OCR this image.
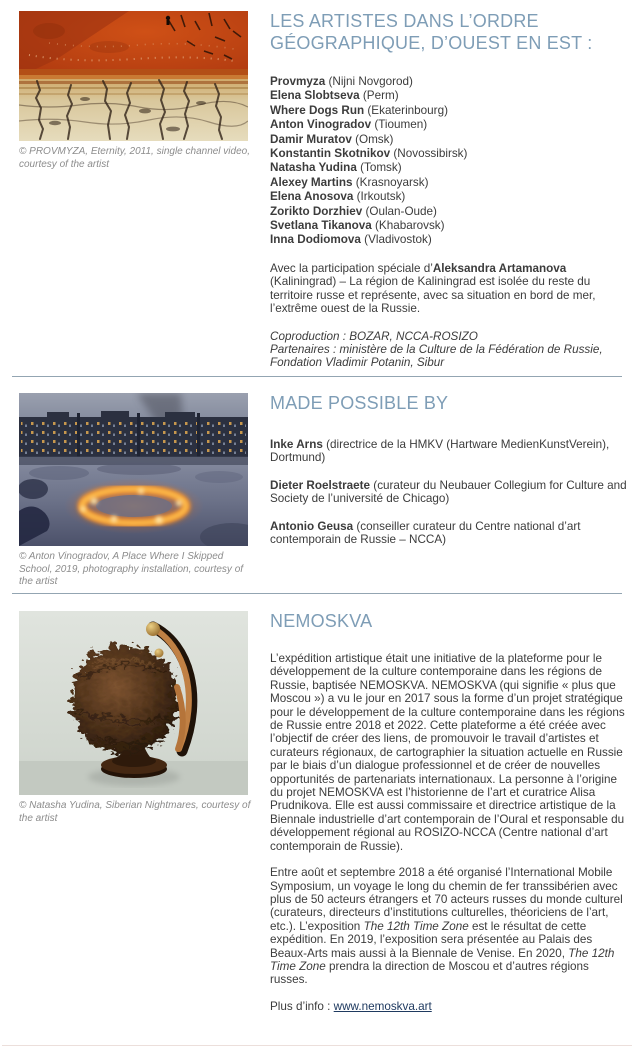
© PROVMYZA, Eternity, 2011, single channel video, courtesy of the artist
LES ARTISTES DANS L’ORDRE GÉOGRAPHIQUE, D’OUEST EN EST :
Provmyza (Nijni Novgorod)
Elena Slobtseva (Perm)
Where Dogs Run (Ekaterinbourg)
Anton Vinogradov (Tioumen)
Damir Muratov (Omsk)
Konstantin Skotnikov (Novossibirsk)
Natasha Yudina (Tomsk)
Alexey Martins (Krasnoyarsk)
Elena Anosova (Irkoutsk)
Zorikto Dorzhiev (Oulan-Oude)
Svetlana Tikanova (Khabarovsk)
Inna Dodiomova (Vladivostok)

Avec la participation spéciale d’Aleksandra Artamanova (Kaliningrad) – La région de Kaliningrad est isolée du reste du territoire russe et représente, avec sa situation en bord de mer, l’extrême ouest de la Russie.

Coproduction : BOZAR, NCCA-ROSIZO
Partenaires : ministère de la Culture de la Fédération de Russie, Fondation Vladimir Potanin, Sibur
© Anton Vinogradov, A Place Where I Skipped School, 2019, photography installation, courtesy of the artist
MADE POSSIBLE BY

Inke Arns (directrice de la HMKV (Hartware MedienKunstVerein), Dortmund)

Dieter Roelstraete (curateur du Neubauer Collegium for Culture and Society de l’université de Chicago)

Antonio Geusa (conseiller curateur du Centre national d’art contemporain de Russie – NCCA)

© Natasha Yudina, Siberian Nightmares, courtesy of the artist
NEMOSKVA

L’expédition artistique était une initiative de la plateforme pour le développement de la culture contemporaine dans les régions de Russie, baptisée NEMOSKVA. NEMOSKVA (qui signifie « plus que Moscou ») a vu le jour en 2017 sous la forme d’un projet stratégique pour le développement de la culture contemporaine dans les régions de Russie entre 2018 et 2022. Cette plateforme a été créée avec l’objectif de créer des liens, de promouvoir le travail d’artistes et curateurs régionaux, de cartographier la situation actuelle en Russie par le biais d’un dialogue professionnel et de créer de nouvelles opportunités de partenariats internationaux. La personne à l’origine du projet NEMOSKVA est l’historienne de l’art et curatrice Alisa Prudnikova. Elle est aussi commissaire et directrice artistique de la Biennale industrielle d’art contemporain de l’Oural et responsable du développement régional au ROSIZO-NCCA (Centre national d’art contemporain de Russie).

Entre août et septembre 2018 a été organisé l’International Mobile Symposium, un voyage le long du chemin de fer transsibérien avec plus de 50 acteurs étrangers et 70 acteurs russes du monde culturel (curateurs, directeurs d’institutions culturelles, théoriciens de l’art, etc.). L’exposition The 12th Time Zone est le résultat de cette expédition. En 2019, l’exposition sera présentée au Palais des Beaux-Arts mais aussi à la Biennale de Venise. En 2020, The 12th Time Zone prendra la direction de Moscou et d’autres régions russes.

Plus d’info : www.nemoskva.art
